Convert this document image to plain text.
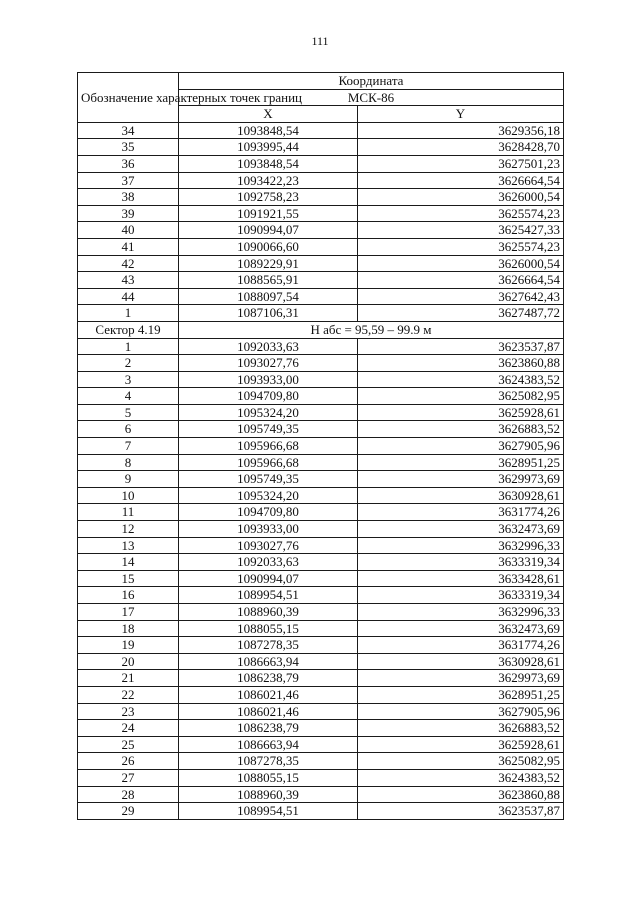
111
Обозначение характерных точек границ	Координата	
	МСК-86	
	X	Y
34	1093848,54	3629356,18
35	1093995,44	3628428,70
36	1093848,54	3627501,23
37	1093422,23	3626664,54
38	1092758,23	3626000,54
39	1091921,55	3625574,23
40	1090994,07	3625427,33
41	1090066,60	3625574,23
42	1089229,91	3626000,54
43	1088565,91	3626664,54
44	1088097,54	3627642,43
1	1087106,31	3627487,72
Сектор 4.19	Н абс = 95,59 – 99.9 м	
1	1092033,63	3623537,87
2	1093027,76	3623860,88
3	1093933,00	3624383,52
4	1094709,80	3625082,95
5	1095324,20	3625928,61
6	1095749,35	3626883,52
7	1095966,68	3627905,96
8	1095966,68	3628951,25
9	1095749,35	3629973,69
10	1095324,20	3630928,61
11	1094709,80	3631774,26
12	1093933,00	3632473,69
13	1093027,76	3632996,33
14	1092033,63	3633319,34
15	1090994,07	3633428,61
16	1089954,51	3633319,34
17	1088960,39	3632996,33
18	1088055,15	3632473,69
19	1087278,35	3631774,26
20	1086663,94	3630928,61
21	1086238,79	3629973,69
22	1086021,46	3628951,25
23	1086021,46	3627905,96
24	1086238,79	3626883,52
25	1086663,94	3625928,61
26	1087278,35	3625082,95
27	1088055,15	3624383,52
28	1088960,39	3623860,88
29	1089954,51	3623537,87
